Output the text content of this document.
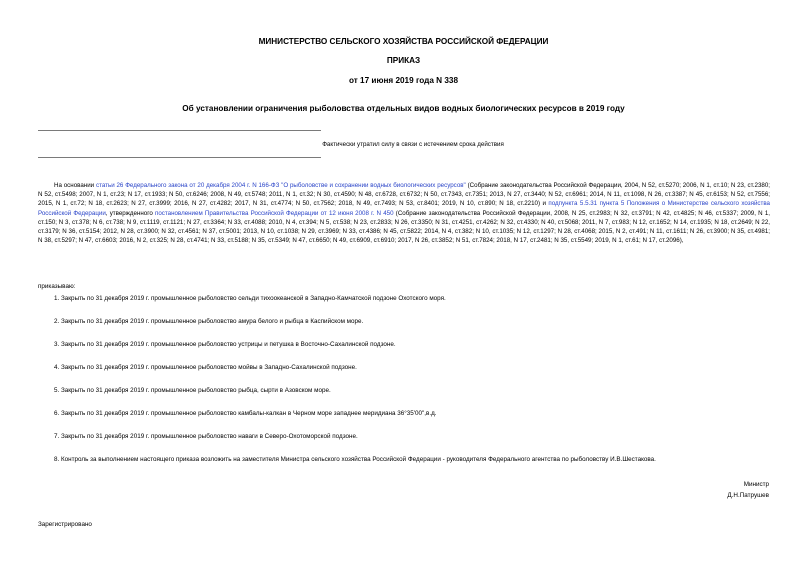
МИНИСТЕРСТВО СЕЛЬСКОГО ХОЗЯЙСТВА РОССИЙСКОЙ ФЕДЕРАЦИИ
ПРИКАЗ
от 17 июня 2019 года N 338
Об установлении ограничения рыболовства отдельных видов водных биологических ресурсов в 2019 году
Фактически утратил силу в связи с истечением срока действия
На основании статьи 26 Федерального закона от 20 декабря 2004 г. N 166-ФЗ "О рыболовстве и сохранении водных биологических ресурсов" (Собрание законодательства Российской Федерации, 2004, N 52, ст.5270; 2006, N 1, ст.10; N 23, ст.2380; N 52, ст.5498; 2007, N 1, ст.23; N 17, ст.1933; N 50, ст.6246; 2008, N 49, ст.5748; 2011, N 1, ст.32; N 30, ст.4590; N 48, ст.6728, ст.6732; N 50, ст.7343, ст.7351; 2013, N 27, ст.3440; N 52, ст.6961; 2014, N 11, ст.1098, N 26, ст.3387; N 45, ст.6153; N 52, ст.7556; 2015, N 1, ст.72; N 18, ст.2623; N 27, ст.3999; 2016, N 27, ст.4282; 2017, N 31, ст.4774; N 50, ст.7562; 2018, N 49, ст.7493; N 53, ст.8401; 2019, N 10, ст.890; N 18, ст.2210) и подпункта 5.5.31 пункта 5 Положения о Министерстве сельского хозяйства Российской Федерации, утвержденного постановлением Правительства Российской Федерации от 12 июня 2008 г. N 450 (Собрание законодательства Российской Федерации, 2008, N 25, ст.2983; N 32, ст.3791; N 42, ст.4825; N 46, ст.5337; 2009, N 1, ст.150; N 3, ст.378; N 6, ст.738; N 9, ст.1119, ст.1121; N 27, ст.3364; N 33, ст.4088; 2010, N 4, ст.394; N 5, ст.538; N 23, ст.2833; N 26, ст.3350; N 31, ст.4251, ст.4262; N 32, ст.4330; N 40, ст.5068; 2011, N 7, ст.983; N 12, ст.1652; N 14, ст.1935; N 18, ст.2649; N 22, ст.3179; N 36, ст.5154; 2012, N 28, ст.3900; N 32, ст.4561; N 37, ст.5001; 2013, N 10, ст.1038; N 29, ст.3969; N 33, ст.4386; N 45, ст.5822; 2014, N 4, ст.382; N 10, ст.1035; N 12, ст.1297; N 28, ст.4068; 2015, N 2, ст.491; N 11, ст.1611; N 26, ст.3900; N 35, ст.4981; N 38, ст.5297; N 47, ст.6603; 2016, N 2, ст.325; N 28, ст.4741; N 33, ст.5188; N 35, ст.5349; N 47, ст.6650; N 49, ст.6909, ст.6910; 2017, N 26, ст.3852; N 51, ст.7824; 2018, N 17, ст.2481; N 35, ст.5549; 2019, N 1, ст.61; N 17, ст.2096),
приказываю:
1. Закрыть по 31 декабря 2019 г. промышленное рыболовство сельди тихоокеанской в Западно-Камчатской подзоне Охотского моря.
2. Закрыть по 31 декабря 2019 г. промышленное рыболовство амура белого и рыбца в Каспийском море.
3. Закрыть по 31 декабря 2019 г. промышленное рыболовство устрицы и петушка в Восточно-Сахалинской подзоне.
4. Закрыть по 31 декабря 2019 г. промышленное рыболовство мойвы в Западно-Сахалинской подзоне.
5. Закрыть по 31 декабря 2019 г. промышленное рыболовство рыбца, сырти в Азовском море.
6. Закрыть по 31 декабря 2019 г. промышленное рыболовство камбалы-калкан в Черном море западнее меридиана 36°35'00",в.д.
7. Закрыть по 31 декабря 2019 г. промышленное рыболовство наваги в Северо-Охотоморской подзоне.
8. Контроль за выполнением настоящего приказа возложить на заместителя Министра сельского хозяйства Российской Федерации - руководителя Федерального агентства по рыболовству И.В.Шестакова.
Министр
Д.Н.Патрушев
Зарегистрировано
